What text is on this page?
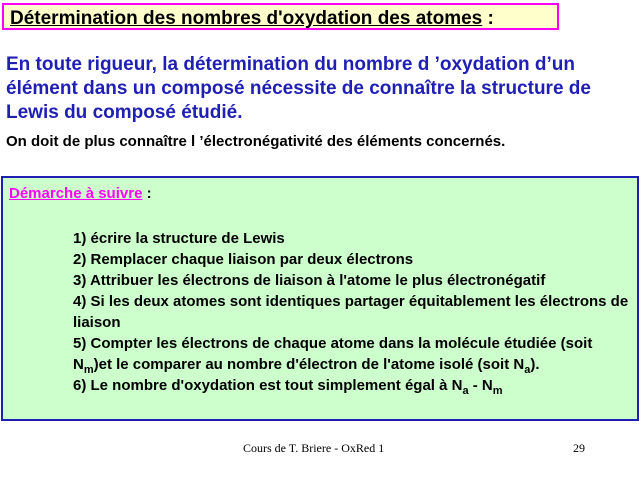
Détermination des nombres d'oxydation des atomes :
En toute rigueur, la détermination du nombre d ’oxydation d’un élément dans un composé nécessite de connaître la structure de Lewis du composé étudié.
On doit de plus connaître l ’électronégativité des éléments concernés.
Démarche à suivre :
1) écrire la structure de Lewis
2) Remplacer chaque liaison par deux électrons
3) Attribuer les électrons de liaison à l'atome le plus électronégatif
4) Si les deux atomes sont identiques partager équitablement les électrons de liaison
5) Compter les électrons de chaque atome dans la molécule étudiée (soit $N_m)et$ le comparer au nombre d'électron de l'atome isolé (soit $N_a$).
6) Le nombre d'oxydation est tout simplement égal à $N_a - N_m$
Cours de T. Briere - OxRed 1	29
